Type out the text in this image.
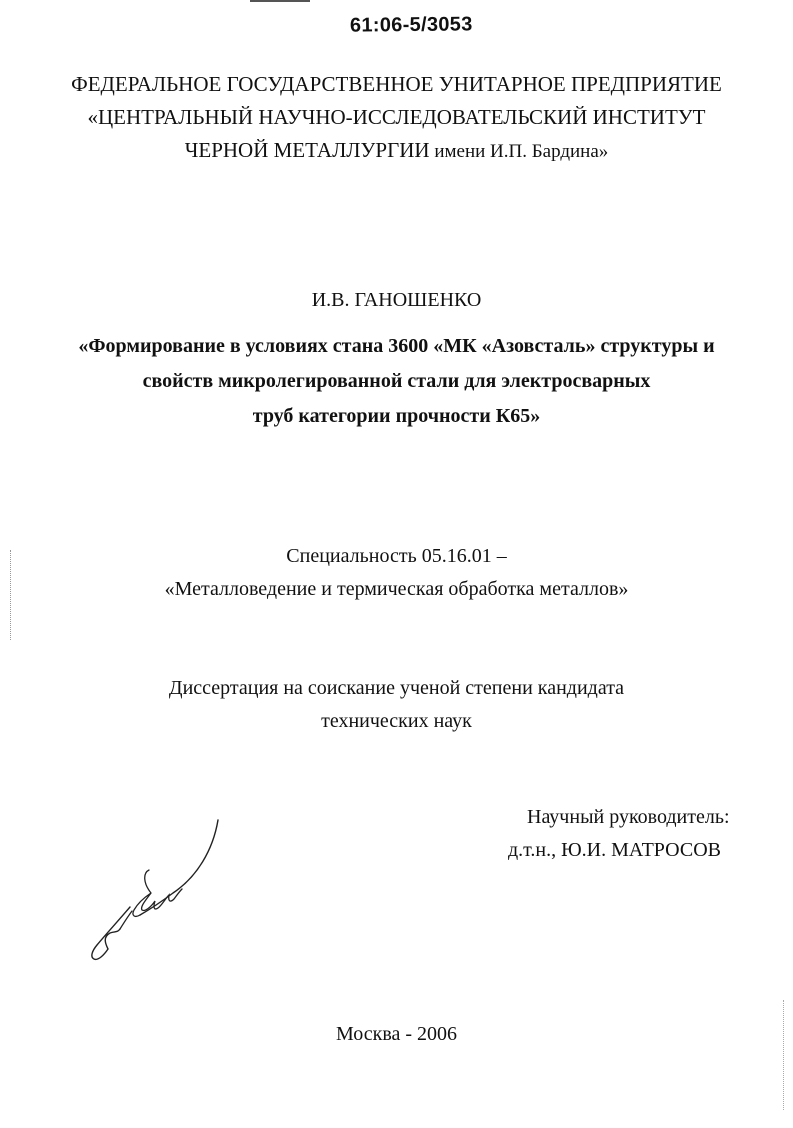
61:06-5/3053
ФЕДЕРАЛЬНОЕ ГОСУДАРСТВЕННОЕ УНИТАРНОЕ ПРЕДПРИЯТИЕ
«ЦЕНТРАЛЬНЫЙ НАУЧНО-ИССЛЕДОВАТЕЛЬСКИЙ ИНСТИТУТ
ЧЕРНОЙ МЕТАЛЛУРГИИ имени И.П. Бардина»
И.В. ГАНОШЕНКО
«Формирование в условиях стана 3600 «МК «Азовсталь» структуры и
свойств микролегированной стали для электросварных
труб категории прочности К65»
Специальность 05.16.01 –
«Металловедение и термическая обработка металлов»
Диссертация на соискание ученой степени кандидата
технических наук
Научный руководитель:
д.т.н., Ю.И. МАТРОСОВ
Москва - 2006
